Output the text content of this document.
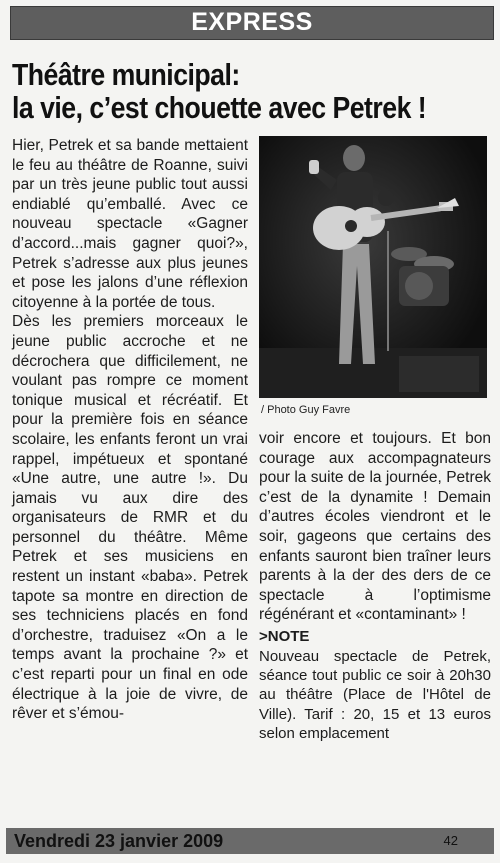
EXPRESS
Théâtre municipal:
la vie, c’est chouette avec Petrek !

Hier, Petrek et sa bande mettaient le feu au théâtre de Roanne, suivi par un très jeune public tout aussi endiablé qu’emballé. Avec ce nouveau spectacle «Gagner d’accord...mais gagner quoi?», Petrek s’adresse aux plus jeunes et pose les jalons d’une réflexion citoyenne à la portée de tous.

Dès les premiers morceaux le jeune public accroche et ne décrochera que difficilement, ne voulant pas rompre ce moment tonique musical et récréatif. Et pour la première fois en séance scolaire, les enfants feront un vrai rappel, impétueux et spontané «Une autre, une autre !». Du jamais vu aux dire des organisateurs de RMR et du personnel du théâtre. Même Petrek et ses musiciens en restent un instant «baba». Petrek tapote sa montre en direction de ses techniciens placés en fond d’orchestre, traduisez «On a le temps avant la prochaine ?» et c’est reparti pour un final en ode électrique à la joie de vivre, de rêver et s’émou-

/ Photo Guy Favre

voir encore et toujours. Et bon courage aux accompagnateurs pour la suite de la journée, Petrek c’est de la dynamite ! Demain d’autres écoles viendront et le soir, gageons que certains des enfants sauront bien traîner leurs parents à la der des ders de ce spectacle à l’optimisme régénérant et «contaminant» !

>NOTE

Nouveau spectacle de Petrek, séance tout public ce soir à 20h30 au théâtre (Place de l'Hôtel de Ville). Tarif : 20, 15 et 13 euros selon emplacement

Vendredi 23 janvier 2009	42
